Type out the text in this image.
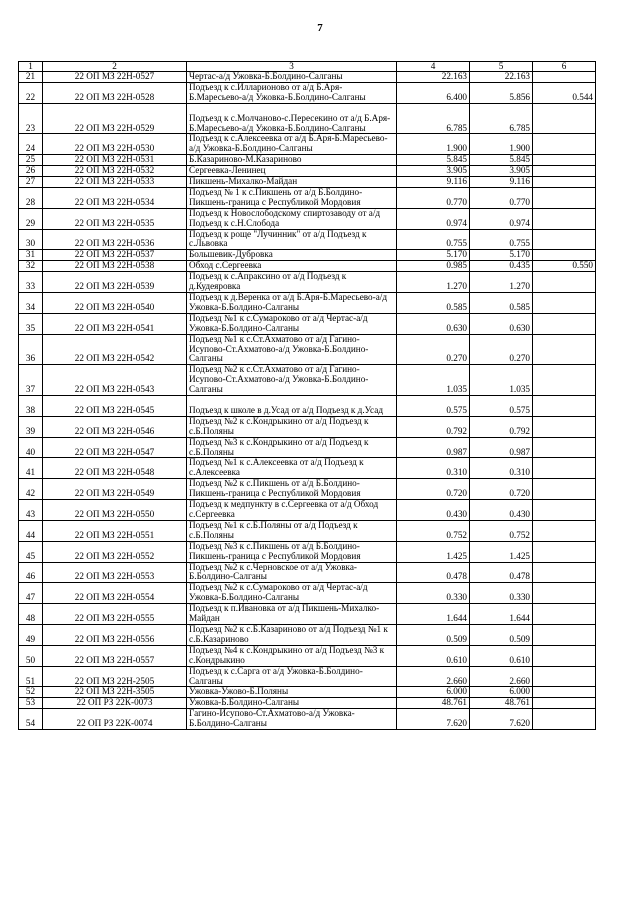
7
1	2	3	4	5	6
21	22 ОП МЗ 22Н-0527	Чертас-а/д Ужовка-Б.Болдино-Салганы	22.163	22.163	
22	22 ОП МЗ 22Н-0528	Подъезд к с.Илларионово от а/д Б.Аря-Б.Маресьево-а/д Ужовка-Б.Болдино-Салганы	6.400	5.856	0.544
23	22 ОП МЗ 22Н-0529	Подъезд к с.Молчаново-с.Пересекино от а/д Б.Аря-Б.Маресьево-а/д Ужовка-Б.Болдино-Салганы	6.785	6.785	
24	22 ОП МЗ 22Н-0530	Подъезд к с.Алексеевка от а/д Б.Аря-Б.Маресьево-а/д Ужовка-Б.Болдино-Салганы	1.900	1.900	
25	22 ОП МЗ 22Н-0531	Б.Казариново-М.Казариново	5.845	5.845	
26	22 ОП МЗ 22Н-0532	Сергеевка-Ленинец	3.905	3.905	
27	22 ОП МЗ 22Н-0533	Пикшень-Михалко-Майдан	9.116	9.116	
28	22 ОП МЗ 22Н-0534	Подъезд № 1 к с.Пикшень от а/д Б.Болдино-Пикшень-граница с Республикой Мордовия	0.770	0.770	
29	22 ОП МЗ 22Н-0535	Подъезд к Новослободскому спиртозаводу от а/д Подъезд к с.Н.Слобода	0.974	0.974	
30	22 ОП МЗ 22Н-0536	Подъезд к роще "Лучинник" от а/д Подъезд к с.Львовка	0.755	0.755	
31	22 ОП МЗ 22Н-0537	Большевик-Дубровка	5.170	5.170	
32	22 ОП МЗ 22Н-0538	Обход с.Сергеевка	0.985	0.435	0.550
33	22 ОП МЗ 22Н-0539	Подъезд к с.Апраксино от а/д Подъезд к д.Кудеяровка	1.270	1.270	
34	22 ОП МЗ 22Н-0540	Подъезд к д.Веренка от а/д Б.Аря-Б.Маресьево-а/д Ужовка-Б.Болдино-Салганы	0.585	0.585	
35	22 ОП МЗ 22Н-0541	Подъезд №1 к с.Сумароково от а/д Чертас-а/д Ужовка-Б.Болдино-Салганы	0.630	0.630	
36	22 ОП МЗ 22Н-0542	Подъезд №1 к с.Ст.Ахматово от а/д Гагино-Исупово-Ст.Ахматово-а/д Ужовка-Б.Болдино-Салганы	0.270	0.270	
37	22 ОП МЗ 22Н-0543	Подъезд №2 к с.Ст.Ахматово от а/д Гагино-Исупово-Ст.Ахматово-а/д Ужовка-Б.Болдино-Салганы	1.035	1.035	
38	22 ОП МЗ 22Н-0545	Подъезд к школе в д.Усад от а/д Подъезд к д.Усад	0.575	0.575	
39	22 ОП МЗ 22Н-0546	Подъезд №2 к с.Кондрыкино от а/д Подъезд к с.Б.Поляны	0.792	0.792	
40	22 ОП МЗ 22Н-0547	Подъезд №3 к с.Кондрыкино от а/д Подъезд к с.Б.Поляны	0.987	0.987	
41	22 ОП МЗ 22Н-0548	Подъезд №1 к с.Алексеевка от а/д Подъезд к с.Алексеевка	0.310	0.310	
42	22 ОП МЗ 22Н-0549	Подъезд №2 к с.Пикшень от а/д Б.Болдино-Пикшень-граница с Республикой Мордовия	0.720	0.720	
43	22 ОП МЗ 22Н-0550	Подъезд к медпункту в с.Сергеевка от а/д Обход с.Сергеевка	0.430	0.430	
44	22 ОП МЗ 22Н-0551	Подъезд №1 к с.Б.Поляны от а/д Подъезд к с.Б.Поляны	0.752	0.752	
45	22 ОП МЗ 22Н-0552	Подъезд №3 к с.Пикшень от а/д Б.Болдино-Пикшень-граница с Республикой Мордовия	1.425	1.425	
46	22 ОП МЗ 22Н-0553	Подъезд №2 к с.Черновское от а/д Ужовка-Б.Болдино-Салганы	0.478	0.478	
47	22 ОП МЗ 22Н-0554	Подъезд №2 к с.Сумароково от а/д Чертас-а/д Ужовка-Б.Болдино-Салганы	0.330	0.330	
48	22 ОП МЗ 22Н-0555	Подъезд к п.Ивановка от а/д Пикшень-Михалко-Майдан	1.644	1.644	
49	22 ОП МЗ 22Н-0556	Подъезд №2 к с.Б.Казариново от а/д Подъезд №1 к с.Б.Казариново	0.509	0.509	
50	22 ОП МЗ 22Н-0557	Подъезд №4 к с.Кондрыкино от а/д Подъезд №3 к с.Кондрыкино	0.610	0.610	
51	22 ОП МЗ 22Н-2505	Подъезд к с.Сарга от а/д Ужовка-Б.Болдино-Салганы	2.660	2.660	
52	22 ОП МЗ 22Н-3505	Ужовка-Ужово-Б.Поляны	6.000	6.000	
53	22 ОП РЗ 22К-0073	Ужовка-Б.Болдино-Салганы	48.761	48.761	
54	22 ОП РЗ 22К-0074	Гагино-Исупово-Ст.Ахматово-а/д Ужовка-Б.Болдино-Салганы	7.620	7.620	
